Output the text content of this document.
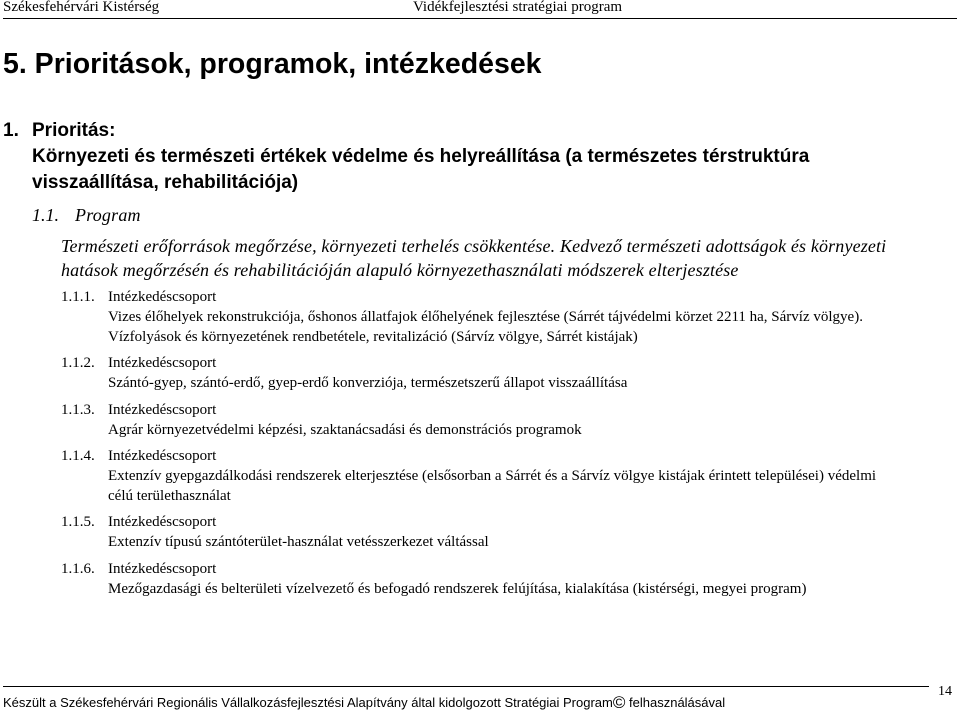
Székesfehérvári Kistérség	Vidékfejlesztési stratégiai program
5. Prioritások, programok, intézkedések
1. Prioritás:
Környezeti és természeti értékek védelme és helyreállítása (a természetes térstruktúra
visszaállítása, rehabilitációja)
1.1. Program
Természeti erőforrások megőrzése, környezeti terhelés csökkentése. Kedvező természeti adottságok és környezeti
hatások megőrzésén és rehabilitációján alapuló környezethasználati módszerek elterjesztése
1.1.1. Intézkedéscsoport
Vizes élőhelyek rekonstrukciója, őshonos állatfajok élőhelyének fejlesztése (Sárrét tájvédelmi körzet 2211 ha, Sárvíz völgye).
Vízfolyások és környezetének rendbetétele, revitalizáció (Sárvíz völgye, Sárrét kistájak)
1.1.2. Intézkedéscsoport
Szántó-gyep, szántó-erdő, gyep-erdő konverziója, természetszerű állapot visszaállítása
1.1.3. Intézkedéscsoport
Agrár környezetvédelmi képzési, szaktanácsadási és demonstrációs programok
1.1.4. Intézkedéscsoport
Extenzív gyepgazdálkodási rendszerek elterjesztése (elsősorban a Sárrét és a Sárvíz völgye kistájak érintett települései) védelmi
célú területhasználat
1.1.5. Intézkedéscsoport
Extenzív típusú szántóterület-használat vetésszerkezet váltással
1.1.6. Intézkedéscsoport
Mezőgazdasági és belterületi vízelvezető és befogadó rendszerek felújítása, kialakítása (kistérségi, megyei program)
Készült a Székesfehérvári Regionális Vállalkozásfejlesztési Alapítvány által kidolgozott Stratégiai Program© felhasználásával
14
